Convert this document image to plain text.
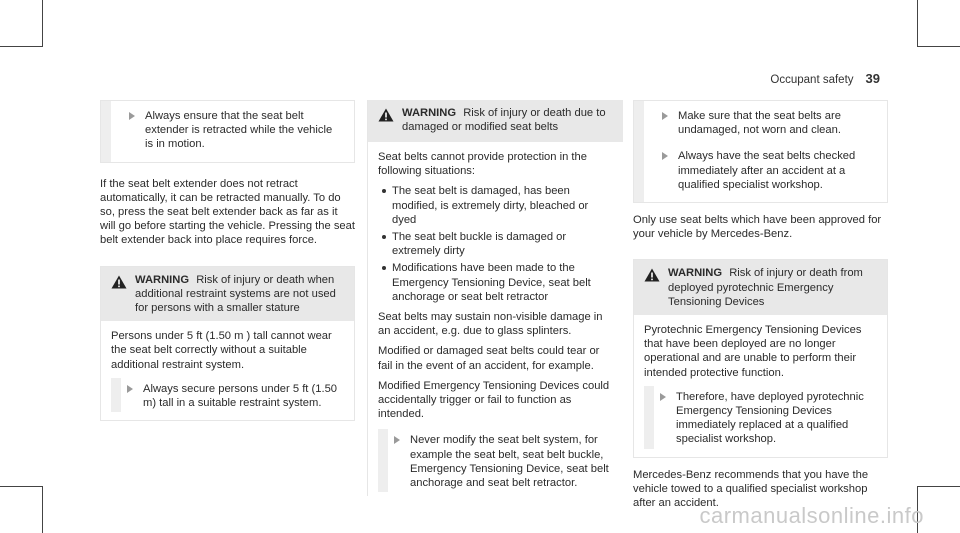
Occupant safety 39
Always ensure that the seat belt extender is retracted while the vehicle is in motion.

If the seat belt extender does not retract automatically, it can be retracted manually. To do so, press the seat belt extender back as far as it will go before starting the vehicle. Pressing the seat belt extender back into place requires force.

WARNING Risk of injury or death when additional restraint systems are not used for persons with a smaller stature

Persons under 5 ft (1.50 m ) tall cannot wear the seat belt correctly without a suitable additional restraint system.

Always secure persons under 5 ft (1.50 m) tall in a suitable restraint system.
WARNING Risk of injury or death due to damaged or modified seat belts

Seat belts cannot provide protection in the following situations:

The seat belt is damaged, has been modified, is extremely dirty, bleached or dyed
The seat belt buckle is damaged or extremely dirty
Modifications have been made to the Emergency Tensioning Device, seat belt anchorage or seat belt retractor

Seat belts may sustain non-visible damage in an accident, e.g. due to glass splinters.

Modified or damaged seat belts could tear or fail in the event of an accident, for example.

Modified Emergency Tensioning Devices could accidentally trigger or fail to function as intended.

Never modify the seat belt system, for example the seat belt, seat belt buckle, Emergency Tensioning Device, seat belt anchorage and seat belt retractor.
Make sure that the seat belts are undamaged, not worn and clean.
Always have the seat belts checked immediately after an accident at a qualified specialist workshop.

Only use seat belts which have been approved for your vehicle by Mercedes-Benz.

WARNING Risk of injury or death from deployed pyrotechnic Emergency Tensioning Devices

Pyrotechnic Emergency Tensioning Devices that have been deployed are no longer operational and are unable to perform their intended protective function.

Therefore, have deployed pyrotechnic Emergency Tensioning Devices immediately replaced at a qualified specialist workshop.

Mercedes-Benz recommends that you have the vehicle towed to a qualified specialist workshop after an accident.

carmanualsonline.info
